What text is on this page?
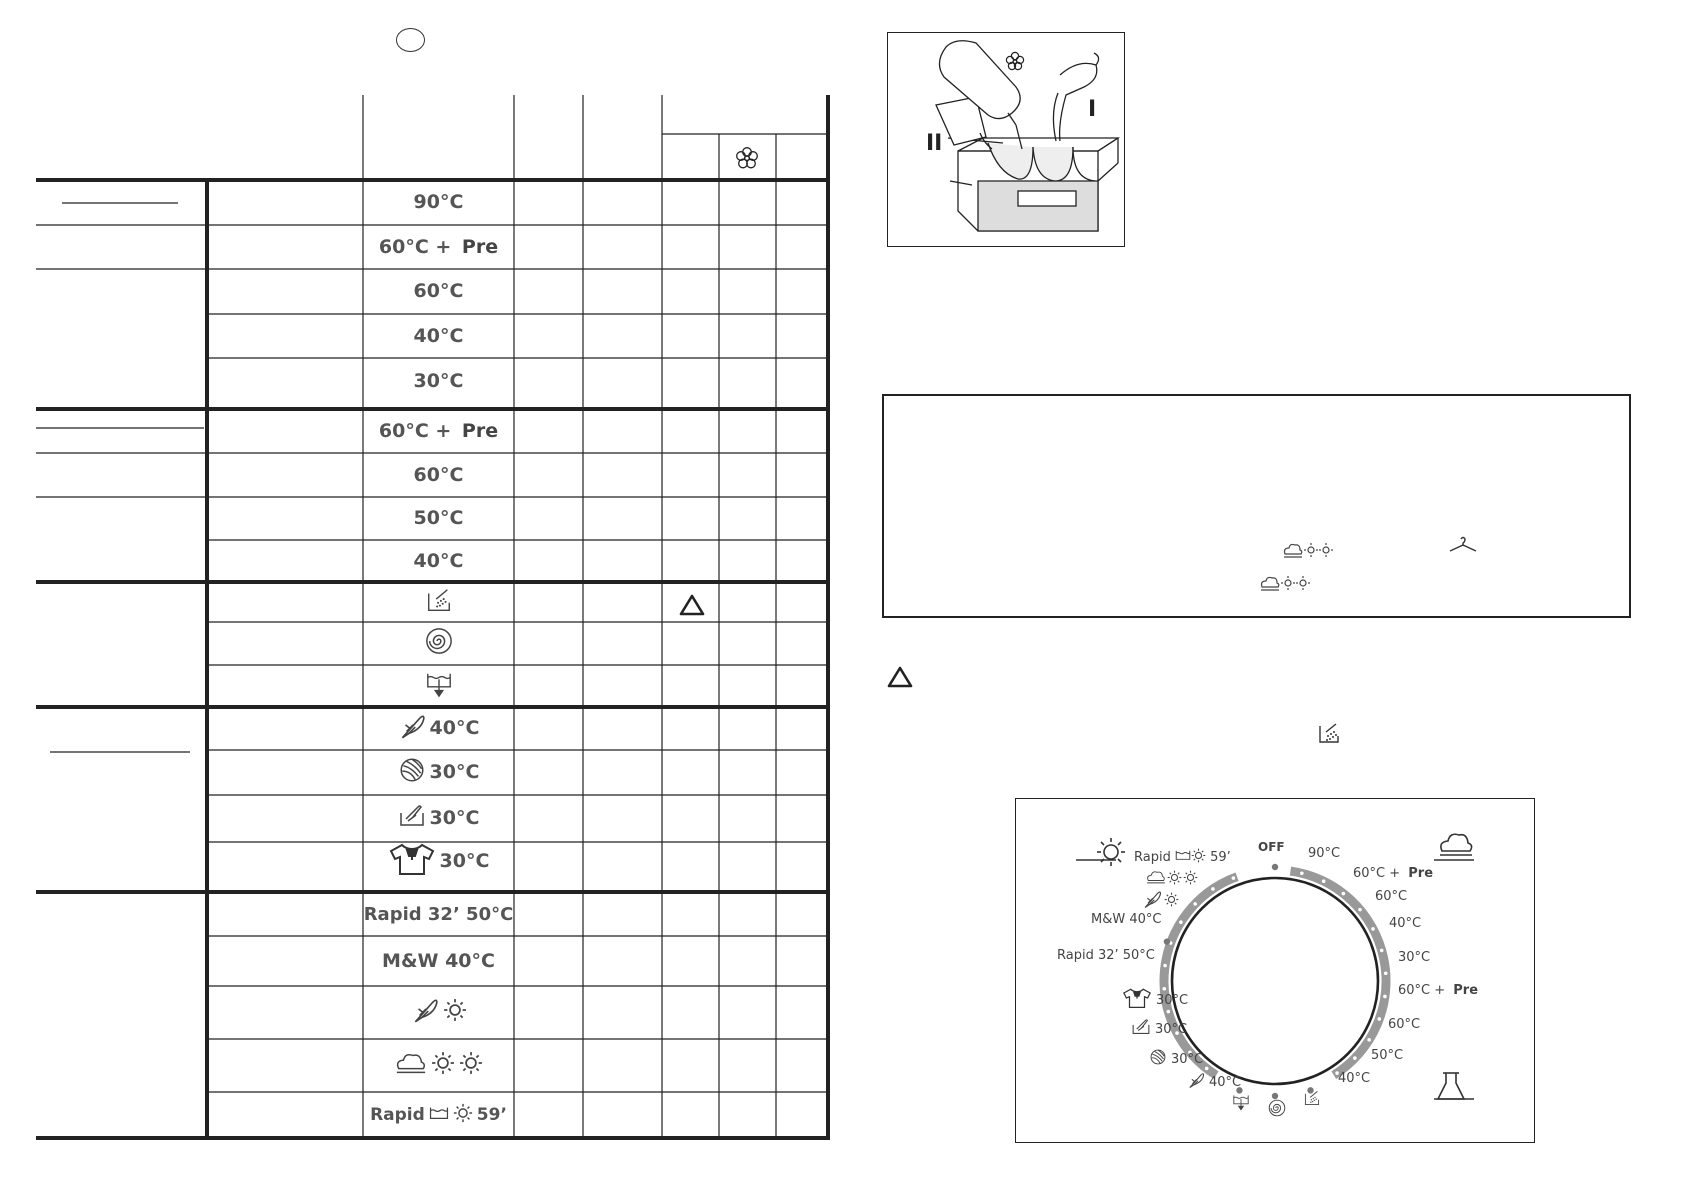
90°C
60°C + Pre
60°C
40°C
30°C
60°C + Pre
60°C
50°C
40°C
40°C
30°C
30°C
30°C
Rapid 32’ 50°C
M&W 40°C
Rapid	59’
II
I
OFF 90°C
60°C + Pre
60°C
40°C
30°C
60°C + Pre
60°C
50°C
40°C
M&W 40°C
Rapid 32’ 50°C
30°C
30°C
30°C
40°C
Rapid 59’
